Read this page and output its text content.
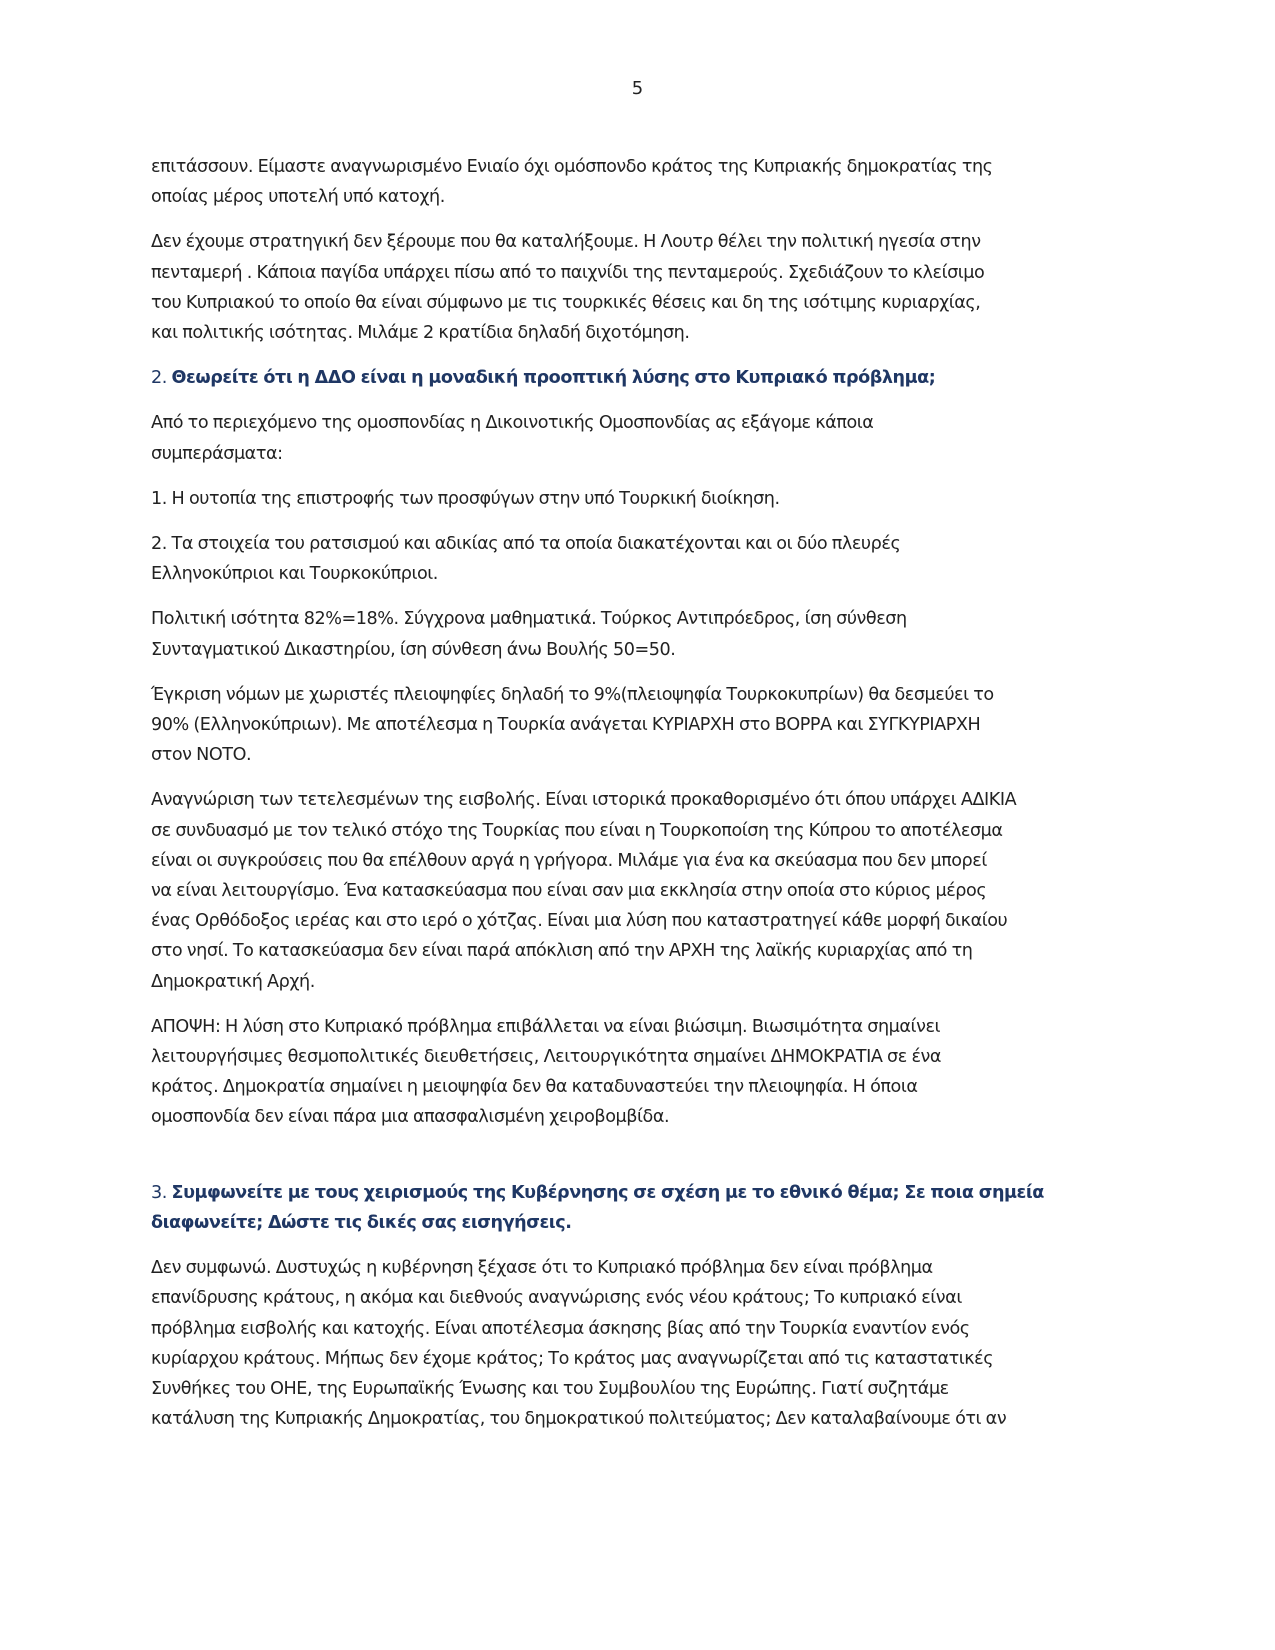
5

επιτάσσουν. Είμαστε αναγνωρισμένο Ενιαίο όχι ομόσπονδο κράτος της Κυπριακής δημοκρατίας της
οποίας μέρος υποτελή υπό κατοχή.

Δεν έχουμε στρατηγική δεν ξέρουμε που θα καταλήξουμε. Η Λουτρ θέλει την πολιτική ηγεσία στην
πενταμερή . Κάποια παγίδα υπάρχει πίσω από το παιχνίδι της πενταμερούς. Σχεδιάζουν το κλείσιμο
του Κυπριακού το οποίο θα είναι σύμφωνο με τις τουρκικές θέσεις και δη της ισότιμης κυριαρχίας,
και πολιτικής ισότητας. Μιλάμε 2 κρατίδια δηλαδή διχοτόμηση.

2. Θεωρείτε ότι η ΔΔΟ είναι η μοναδική προοπτική λύσης στο Κυπριακό πρόβλημα;

Από το περιεχόμενο της ομοσπονδίας η Δικοινοτικής Ομοσπονδίας ας εξάγομε κάποια
συμπεράσματα:

1. Η ουτοπία της επιστροφής των προσφύγων στην υπό Τουρκική διοίκηση.

2. Τα στοιχεία του ρατσισμού και αδικίας από τα οποία διακατέχονται και οι δύο πλευρές
Ελληνοκύπριοι και Τουρκοκύπριοι.

Πολιτική ισότητα 82%=18%. Σύγχρονα μαθηματικά. Τούρκος Αντιπρόεδρος, ίση σύνθεση
Συνταγματικού Δικαστηρίου, ίση σύνθεση άνω Βουλής 50=50.

Έγκριση νόμων με χωριστές πλειοψηφίες δηλαδή το 9%(πλειοψηφία Τουρκοκυπρίων) θα δεσμεύει το
90% (Ελληνοκύπριων). Με αποτέλεσμα η Τουρκία ανάγεται ΚΥΡΙΑΡΧΗ στο ΒΟΡΡΑ και ΣΥΓΚΥΡΙΑΡΧΗ
στον ΝΟΤΟ.

Αναγνώριση των τετελεσμένων της εισβολής. Είναι ιστορικά προκαθορισμένο ότι όπου υπάρχει ΑΔΙΚΙΑ
σε συνδυασμό με τον τελικό στόχο της Τουρκίας που είναι η Τουρκοποίση της Κύπρου το αποτέλεσμα
είναι οι συγκρούσεις που θα επέλθουν αργά η γρήγορα. Μιλάμε για ένα κα σκεύασμα που δεν μπορεί
να είναι λειτουργίσμο. Ένα κατασκεύασμα που είναι σαν μια εκκλησία στην οποία στο κύριος μέρος
ένας Ορθόδοξος ιερέας και στο ιερό ο χότζας. Είναι μια λύση που καταστρατηγεί κάθε μορφή δικαίου
στο νησί. Το κατασκεύασμα δεν είναι παρά απόκλιση από την ΑΡΧΗ της λαϊκής κυριαρχίας από τη
Δημοκρατική Αρχή.

ΑΠΟΨΗ: Η λύση στο Κυπριακό πρόβλημα επιβάλλεται να είναι βιώσιμη. Βιωσιμότητα σημαίνει
λειτουργήσιμες θεσμοπολιτικές διευθετήσεις, Λειτουργικότητα σημαίνει ΔΗΜΟΚΡΑΤΙΑ σε ένα
κράτος. Δημοκρατία σημαίνει η μειοψηφία δεν θα καταδυναστεύει την πλειοψηφία. Η όποια
ομοσπονδία δεν είναι πάρα μια απασφαλισμένη χειροβομβίδα.

3. Συμφωνείτε με τους χειρισμούς της Κυβέρνησης σε σχέση με το εθνικό θέμα; Σε ποια σημεία
διαφωνείτε; Δώστε τις δικές σας εισηγήσεις.

Δεν συμφωνώ. Δυστυχώς η κυβέρνηση ξέχασε ότι το Κυπριακό πρόβλημα δεν είναι πρόβλημα
επανίδρυσης κράτους, η ακόμα και διεθνούς αναγνώρισης ενός νέου κράτους; Το κυπριακό είναι
πρόβλημα εισβολής και κατοχής. Είναι αποτέλεσμα άσκησης βίας από την Τουρκία εναντίον ενός
κυρίαρχου κράτους. Μήπως δεν έχομε κράτος; Το κράτος μας αναγνωρίζεται από τις καταστατικές
Συνθήκες του ΟΗΕ, της Ευρωπαϊκής Ένωσης και του Συμβουλίου της Ευρώπης. Γιατί συζητάμε
κατάλυση της Κυπριακής Δημοκρατίας, του δημοκρατικού πολιτεύματος; Δεν καταλαβαίνουμε ότι αν
